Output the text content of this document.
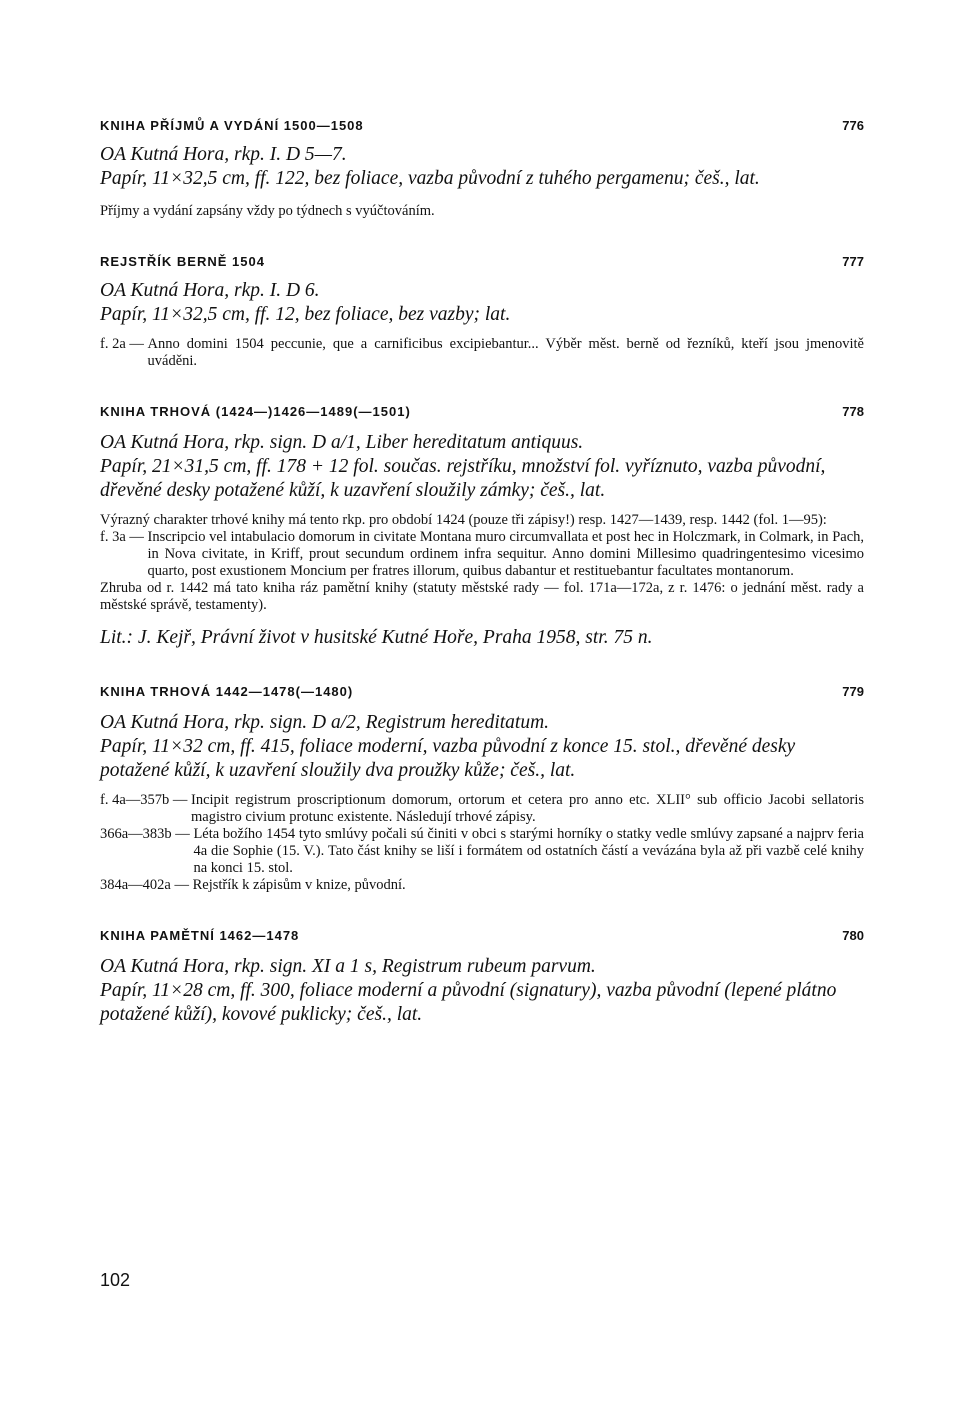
KNIHA PŘÍJMŮ A VYDÁNÍ 1500—1508	776

OA Kutná Hora, rkp. I. D 5—7.

Papír, 11×32,5 cm, ff. 122, bez foliace, vazba původní z tuhého pergamenu; češ., lat.

Příjmy a vydání zapsány vždy po týdnech s vyúčtováním.

REJSTŘÍK BERNĚ 1504	777

OA Kutná Hora, rkp. I. D 6.

Papír, 11×32,5 cm, ff. 12, bez foliace, bez vazby; lat.

f. 2a — Anno domini 1504 peccunie, que a carnificibus excipiebantur... Výběr měst. berně od řezníků, kteří jsou jmenovitě uváděni.
KNIHA TRHOVÁ (1424—)1426—1489(—1501)	778

OA Kutná Hora, rkp. sign. D a/1, Liber hereditatum antiquus.

Papír, 21×31,5 cm, ff. 178 + 12 fol. součas. rejstříku, množství fol. vyříznuto, vazba původní, dřevěné desky potažené kůží, k uzavření sloužily zámky; češ., lat.

Výrazný charakter trhové knihy má tento rkp. pro období 1424 (pouze tři zápisy!) resp. 1427—1439, resp. 1442 (fol. 1—95):

f. 3a — Inscripcio vel intabulacio domorum in civitate Montana muro circumvallata et post hec in Holczmark, in Colmark, in Pach, in Nova civitate, in Kriff, prout secundum ordinem infra sequitur. Anno domini Millesimo quadringentesimo vicesimo quarto, post exustionem Moncium per fratres illorum, quibus dabantur et restituebantur facultates montanorum.

Zhruba od r. 1442 má tato kniha ráz pamětní knihy (statuty městské rady — fol. 171a—172a, z r. 1476: o jednání měst. rady a městské správě, testamenty).

Lit.: J. Kejř, Právní život v husitské Kutné Hoře, Praha 1958, str. 75 n.

KNIHA TRHOVÁ 1442—1478(—1480)	779

OA Kutná Hora, rkp. sign. D a/2, Registrum hereditatum.

Papír, 11×32 cm, ff. 415, foliace moderní, vazba původní z konce 15. stol., dřevěné desky potažené kůží, k uzavření sloužily dva proužky kůže; češ., lat.

f. 4a—357b — Incipit registrum proscriptionum domorum, ortorum et cetera pro anno etc. XLII° sub officio Jacobi sellatoris magistro civium protunc existente. Následují trhové zápisy.
366a—383b — Léta božího 1454 tyto smlúvy počali sú činiti v obci s starými horníky o statky vedle smlúvy zapsané a najprv feria 4a die Sophie (15. V.). Tato část knihy se liší i formátem od ostatních částí a vevázána byla až při vazbě celé knihy na konci 15. stol.
384a—402a — Rejstřík k zápisům v knize, původní.
KNIHA PAMĚTNÍ 1462—1478	780

OA Kutná Hora, rkp. sign. XI a 1 s, Registrum rubeum parvum.

Papír, 11×28 cm, ff. 300, foliace moderní a původní (signatury), vazba původní (lepené plátno potažené kůží), kovové puklicky; češ., lat.

102
